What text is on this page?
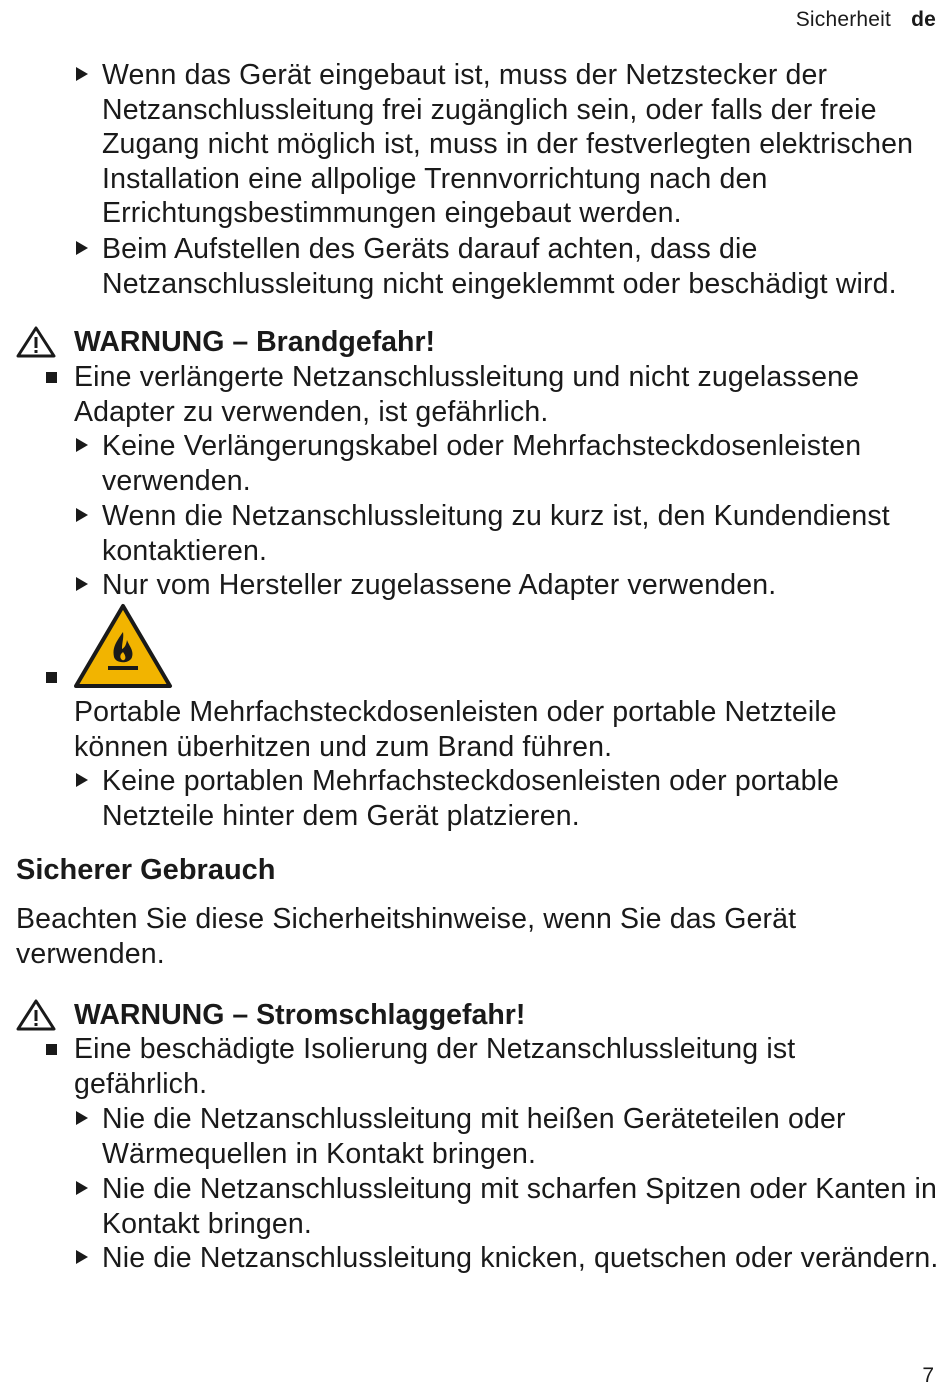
Sicherheit de
Wenn das Gerät eingebaut ist, muss der Netzstecker der Netzanschlussleitung frei zugänglich sein, oder falls der freie Zugang nicht möglich ist, muss in der festverlegten elektrischen Installation eine allpolige Trennvorrichtung nach den Errichtungsbestimmungen eingebaut werden.
Beim Aufstellen des Geräts darauf achten, dass die Netzanschlussleitung nicht eingeklemmt oder beschädigt wird.
WARNUNG – Brandgefahr!
Eine verlängerte Netzanschlussleitung und nicht zugelassene Adapter zu verwenden, ist gefährlich.
Keine Verlängerungskabel oder Mehrfachsteckdosenleisten verwenden.
Wenn die Netzanschlussleitung zu kurz ist, den Kundendienst kontaktieren.
Nur vom Hersteller zugelassene Adapter verwenden.
Portable Mehrfachsteckdosenleisten oder portable Netzteile können überhitzen und zum Brand führen.
Keine portablen Mehrfachsteckdosenleisten oder portable Netzteile hinter dem Gerät platzieren.
Sicherer Gebrauch
Beachten Sie diese Sicherheitshinweise, wenn Sie das Gerät verwenden.
WARNUNG – Stromschlaggefahr!
Eine beschädigte Isolierung der Netzanschlussleitung ist gefährlich.
Nie die Netzanschlussleitung mit heißen Geräteteilen oder Wärmequellen in Kontakt bringen.
Nie die Netzanschlussleitung mit scharfen Spitzen oder Kanten in Kontakt bringen.
Nie die Netzanschlussleitung knicken, quetschen oder verändern.
7
